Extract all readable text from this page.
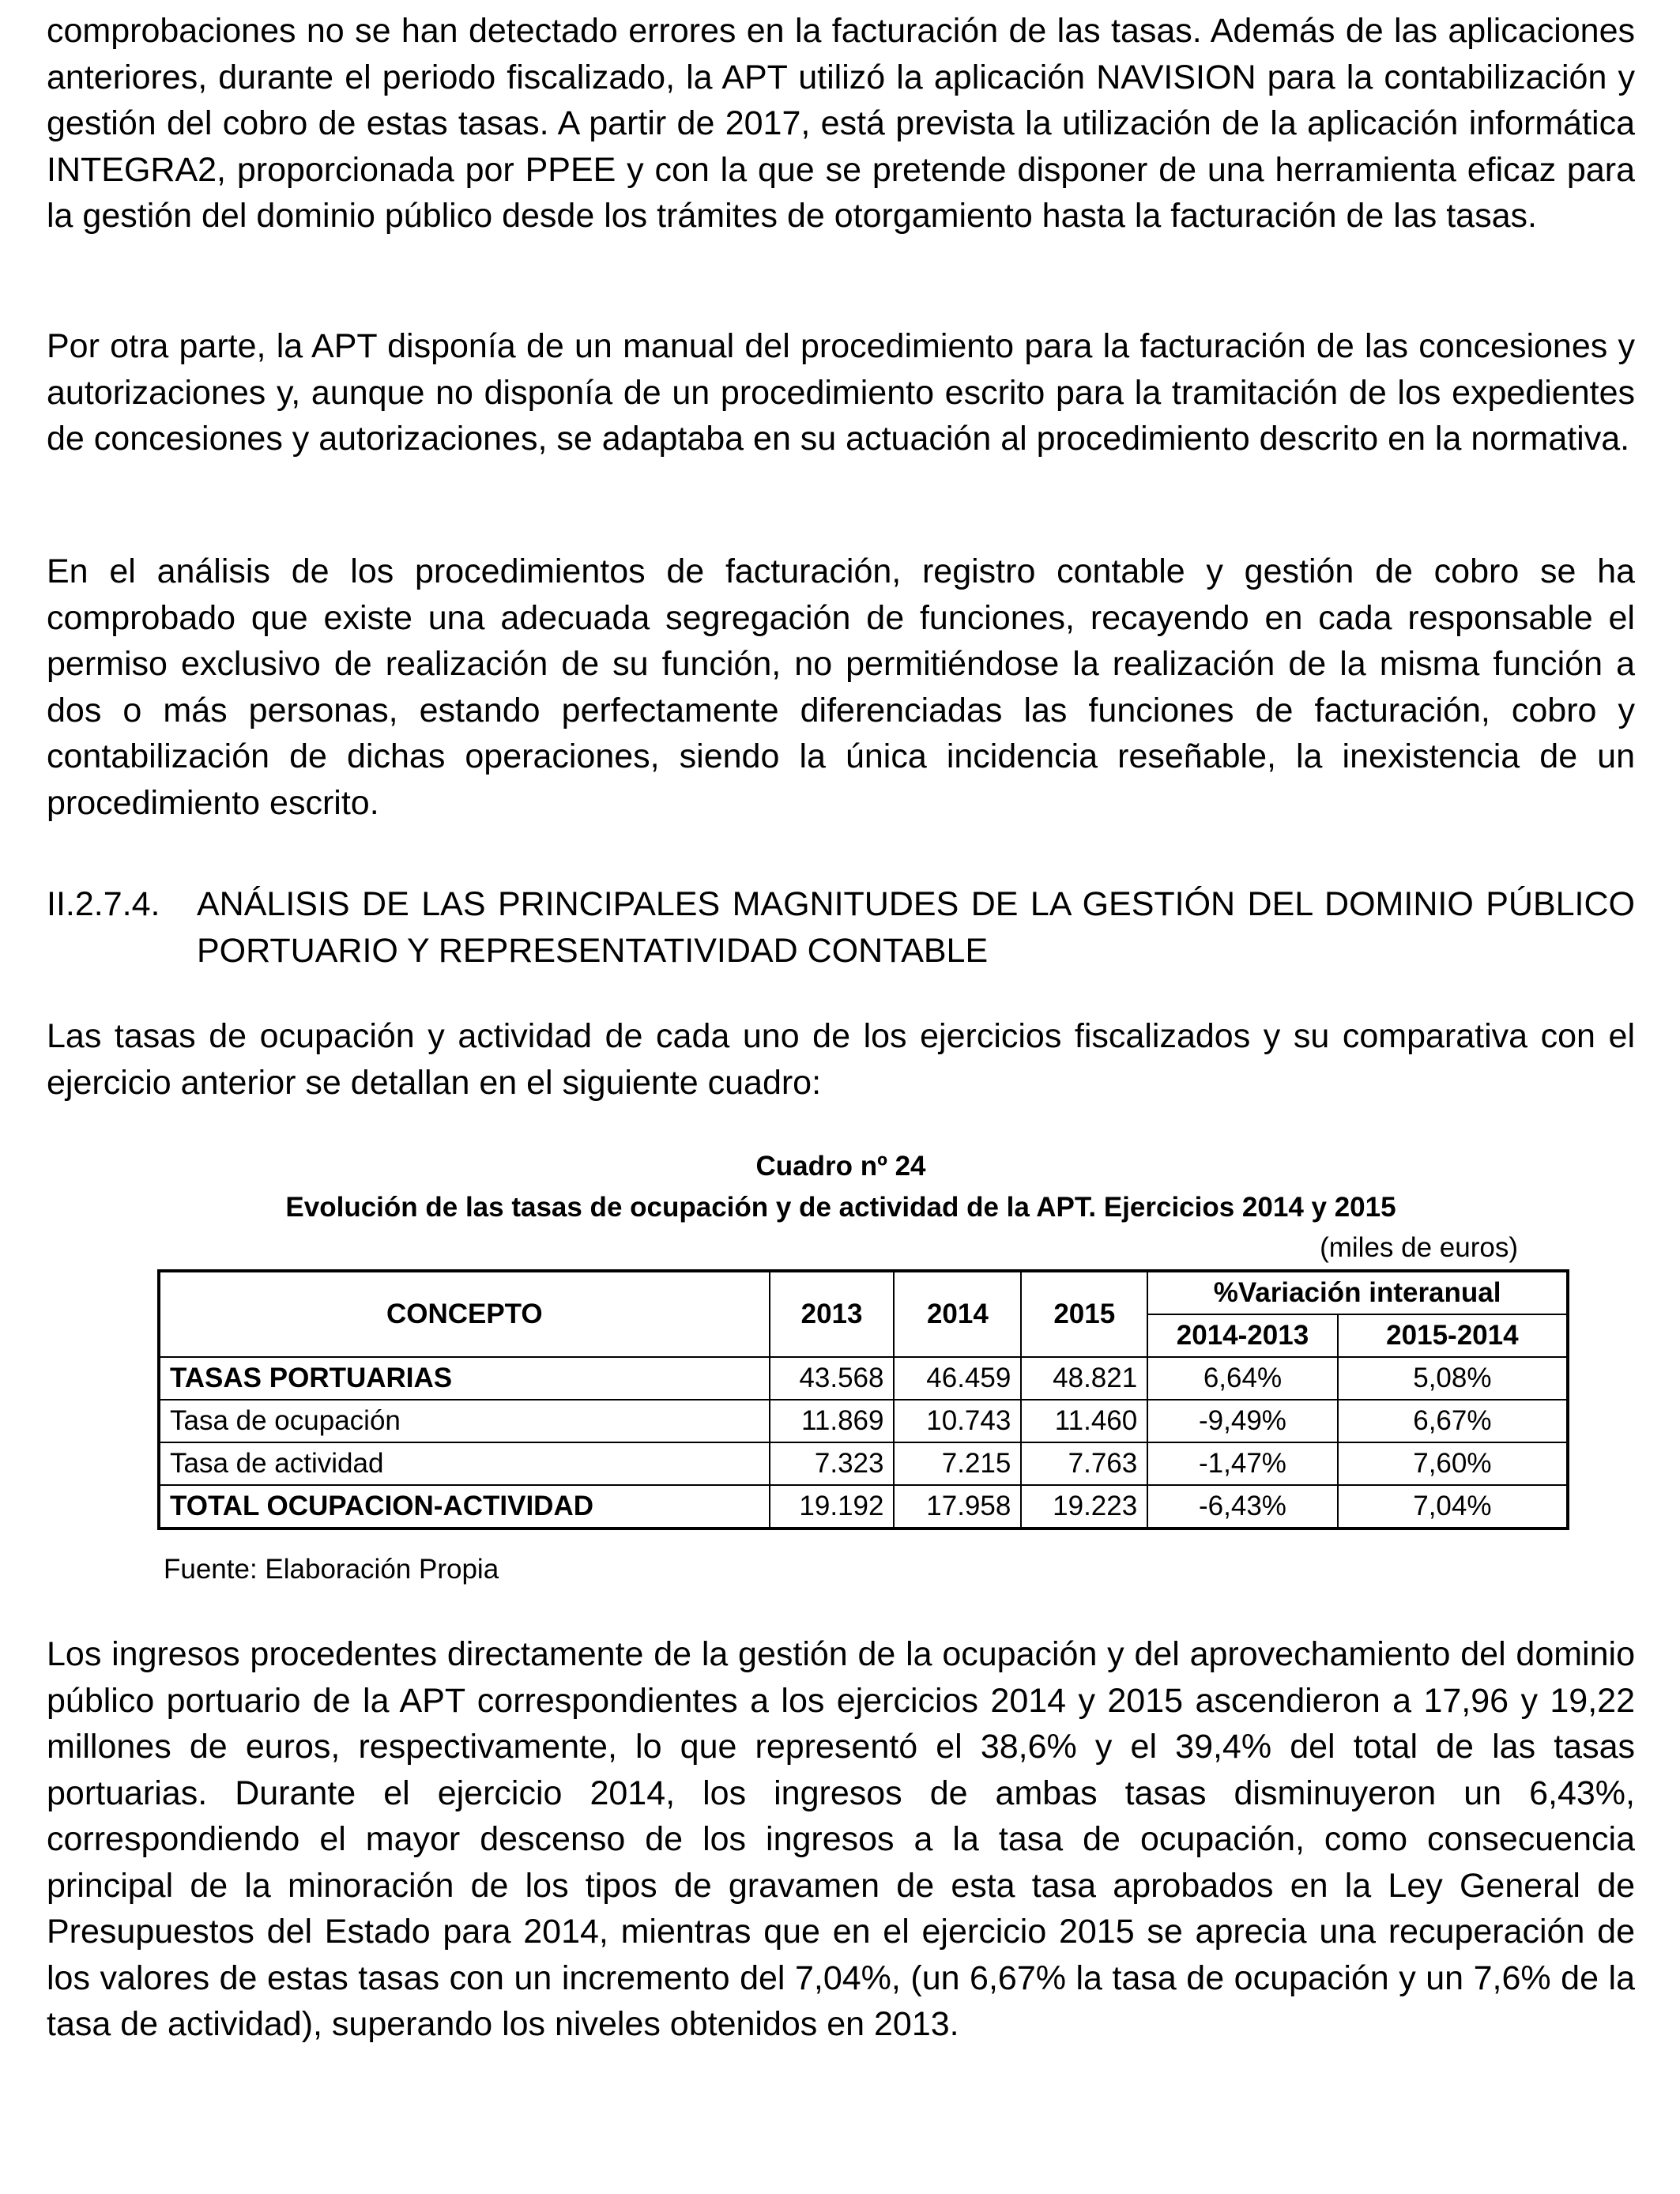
comprobaciones no se han detectado errores en la facturación de las tasas. Además de las aplicaciones anteriores, durante el periodo fiscalizado, la APT utilizó la aplicación NAVISION para la contabilización y gestión del cobro de estas tasas. A partir de 2017, está prevista la utilización de la aplicación informática INTEGRA2, proporcionada por PPEE y con la que se pretende disponer de una herramienta eficaz para la gestión del dominio público desde los trámites de otorgamiento hasta la facturación de las tasas.

Por otra parte, la APT disponía de un manual del procedimiento para la facturación de las concesiones y autorizaciones y, aunque no disponía de un procedimiento escrito para la tramitación de los expedientes de concesiones y autorizaciones, se adaptaba en su actuación al procedimiento descrito en la normativa.

En el análisis de los procedimientos de facturación, registro contable y gestión de cobro se ha comprobado que existe una adecuada segregación de funciones, recayendo en cada responsable el permiso exclusivo de realización de su función, no permitiéndose la realización de la misma función a dos o más personas, estando perfectamente diferenciadas las funciones de facturación, cobro y contabilización de dichas operaciones, siendo la única incidencia reseñable, la inexistencia de un procedimiento escrito.

II.2.7.4. ANÁLISIS DE LAS PRINCIPALES MAGNITUDES DE LA GESTIÓN DEL DOMINIO PÚBLICO PORTUARIO Y REPRESENTATIVIDAD CONTABLE

Las tasas de ocupación y actividad de cada uno de los ejercicios fiscalizados y su comparativa con el ejercicio anterior se detallan en el siguiente cuadro:

Cuadro nº 24
Evolución de las tasas de ocupación y de actividad de la APT. Ejercicios 2014 y 2015
(miles de euros)
CONCEPTO	2013	2014	2015	%Variación interanual	
				2014-2013	2015-2014
TASAS PORTUARIAS	43.568	46.459	48.821	6,64%	5,08%
Tasa de ocupación	11.869	10.743	11.460	-9,49%	6,67%
Tasa de actividad	7.323	7.215	7.763	-1,47%	7,60%
TOTAL OCUPACION-ACTIVIDAD	19.192	17.958	19.223	-6,43%	7,04%
Fuente: Elaboración Propia

Los ingresos procedentes directamente de la gestión de la ocupación y del aprovechamiento del dominio público portuario de la APT correspondientes a los ejercicios 2014 y 2015 ascendieron a 17,96 y 19,22 millones de euros, respectivamente, lo que representó el 38,6% y el 39,4% del total de las tasas portuarias. Durante el ejercicio 2014, los ingresos de ambas tasas disminuyeron un 6,43%, correspondiendo el mayor descenso de los ingresos a la tasa de ocupación, como consecuencia principal de la minoración de los tipos de gravamen de esta tasa aprobados en la Ley General de Presupuestos del Estado para 2014, mientras que en el ejercicio 2015 se aprecia una recuperación de los valores de estas tasas con un incremento del 7,04%, (un 6,67% la tasa de ocupación y un 7,6% de la tasa de actividad), superando los niveles obtenidos en 2013.
